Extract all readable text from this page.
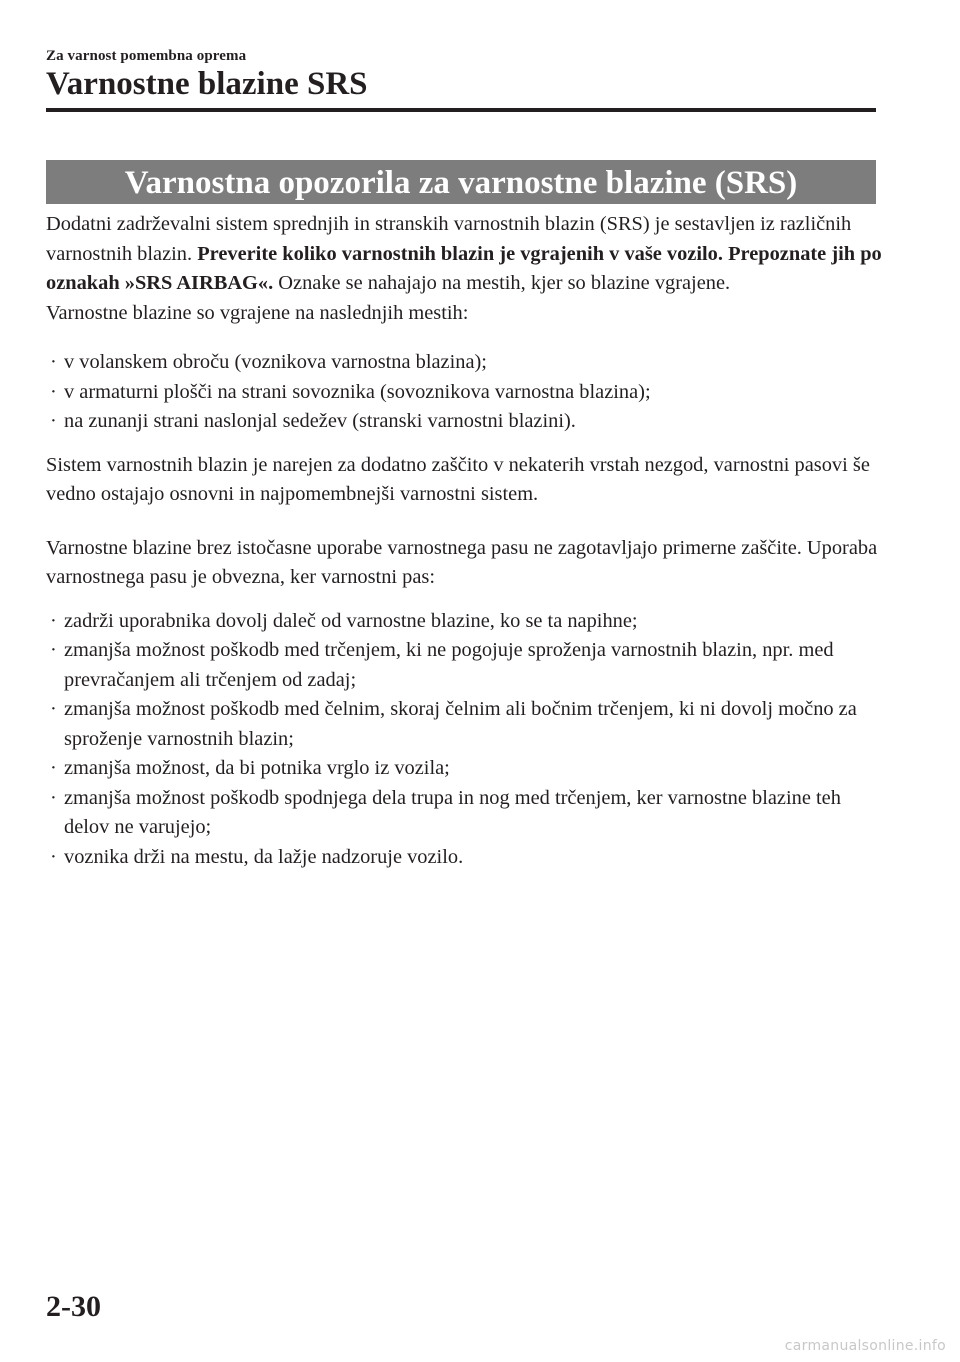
Za varnost pomembna oprema
Varnostne blazine SRS
Varnostna opozorila za varnostne blazine (SRS)

Dodatni zadrževalni sistem sprednjih in stranskih varnostnih blazin (SRS) je sestavljen iz različnih varnostnih blazin. Preverite koliko varnostnih blazin je vgrajenih v vaše vozilo. Prepoznate jih po oznakah »SRS AIRBAG«. Oznake se nahajajo na mestih, kjer so blazine vgrajene.

Varnostne blazine so vgrajene na naslednjih mestih:

· v volanskem obroču (voznikova varnostna blazina);
· v armaturni plošči na strani sovoznika (sovoznikova varnostna blazina);
· na zunanji strani naslonjal sedežev (stranski varnostni blazini).

Sistem varnostnih blazin je narejen za dodatno zaščito v nekaterih vrstah nezgod, varnostni pasovi še vedno ostajajo osnovni in najpomembnejši varnostni sistem.

Varnostne blazine brez istočasne uporabe varnostnega pasu ne zagotavljajo primerne zaščite. Uporaba varnostnega pasu je obvezna, ker varnostni pas:

· zadrži uporabnika dovolj daleč od varnostne blazine, ko se ta napihne;
· zmanjša možnost poškodb med trčenjem, ki ne pogojuje sproženja varnostnih blazin, npr. med prevračanjem ali trčenjem od zadaj;
· zmanjša možnost poškodb med čelnim, skoraj čelnim ali bočnim trčenjem, ki ni dovolj močno za sproženje varnostnih blazin;
· zmanjša možnost, da bi potnika vrglo iz vozila;
· zmanjša možnost poškodb spodnjega dela trupa in nog med trčenjem, ker varnostne blazine teh delov ne varujejo;
· voznika drži na mestu, da lažje nadzoruje vozilo.
2-30
carmanualsonline.info
